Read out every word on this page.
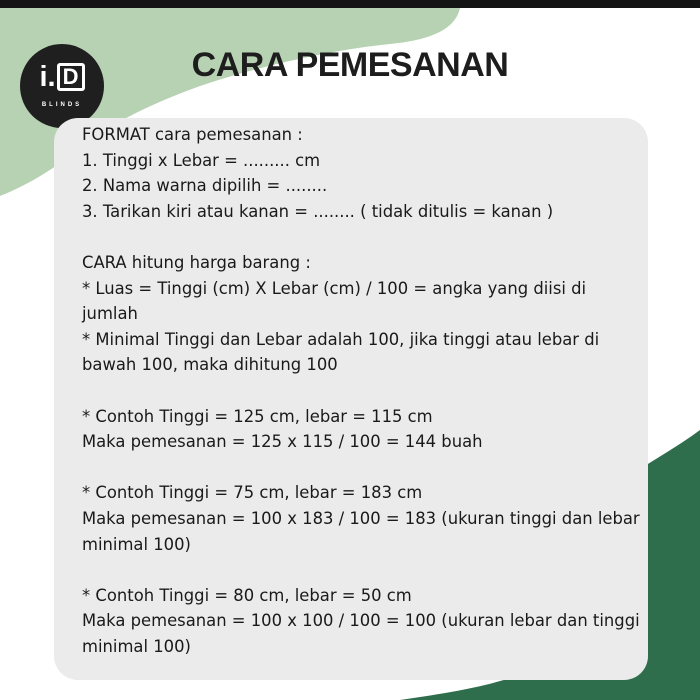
i. D
BLINDS
CARA PEMESANAN

FORMAT cara pemesanan :

1. Tinggi x Lebar = ......... cm

2. Nama warna dipilih = ........

3. Tarikan kiri atau kanan = ........ ( tidak ditulis = kanan )

CARA hitung harga barang :

* Luas = Tinggi (cm) X Lebar (cm) / 100 = angka yang diisi di jumlah

* Minimal Tinggi dan Lebar adalah 100, jika tinggi atau lebar di bawah 100, maka dihitung 100

* Contoh Tinggi = 125 cm, lebar = 115 cm

Maka pemesanan = 125 x 115 / 100 = 144 buah

* Contoh Tinggi = 75 cm, lebar = 183 cm

Maka pemesanan = 100 x 183 / 100 = 183 (ukuran tinggi dan lebar minimal 100)

* Contoh Tinggi = 80 cm, lebar = 50 cm

Maka pemesanan = 100 x 100 / 100 = 100 (ukuran lebar dan tinggi minimal 100)
